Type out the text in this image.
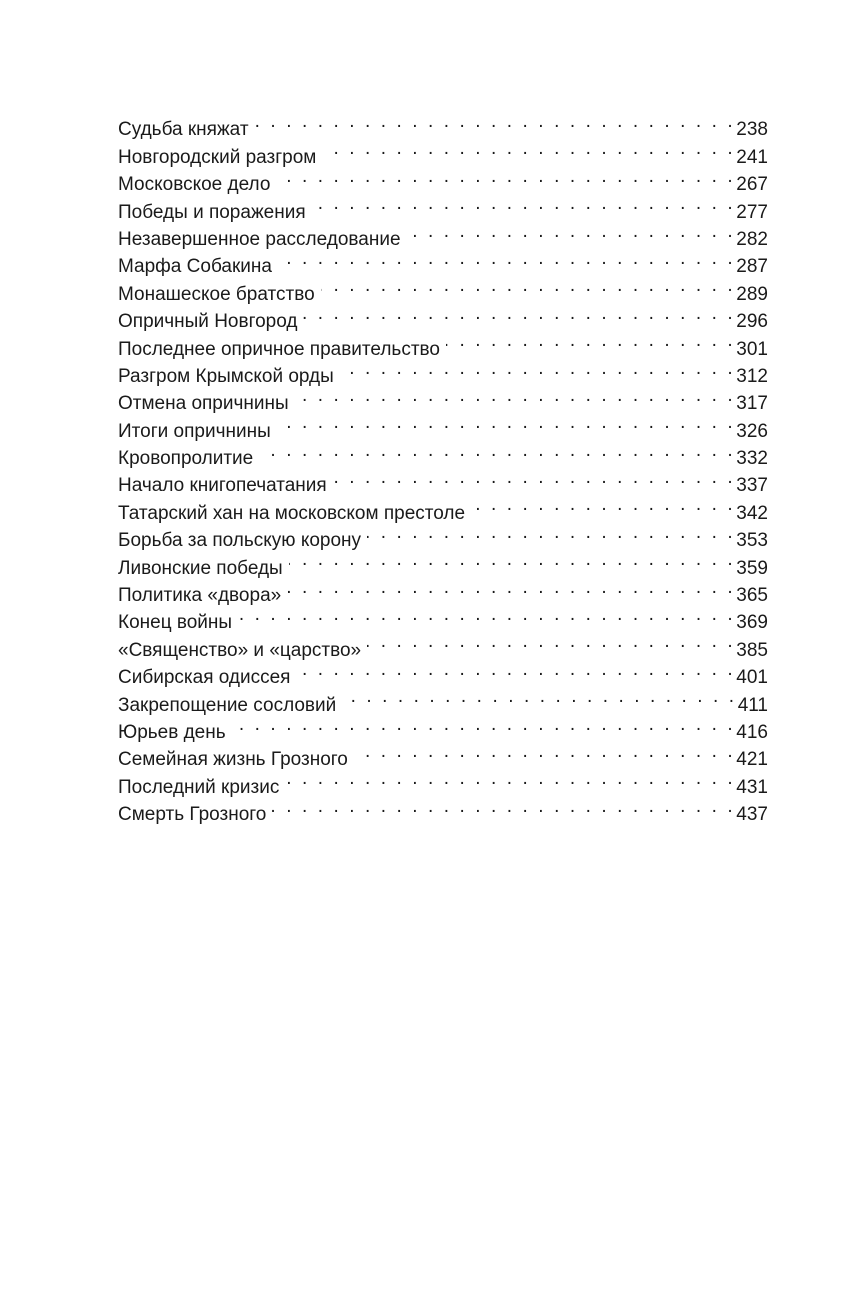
Судьба княжат . . .	238
Новгородский разгром . . .	241
Московское дело . . .	267
Победы и поражения . . .	277
Незавершенное расследование . . .	282
Марфа Собакина . . .	287
Монашеское братство . . .	289
Опричный Новгород . . .	296
Последнее опричное правительство . . .	301
Разгром Крымской орды . . .	312
Отмена опричнины . . .	317
Итоги опричнины . . .	326
Кровопролитие . . .	332
Начало книгопечатания . . .	337
Татарский хан на московском престоле . . .	342
Борьба за польскую корону . . .	353
Ливонские победы . . .	359
Политика «двора» . . .	365
Конец войны . . .	369
«Священство» и «царство» . . .	385
Сибирская одиссея . . .	401
Закрепощение сословий . . .	411
Юрьев день . . .	416
Семейная жизнь Грозного . . .	421
Последний кризис . . .	431
Смерть Грозного . . .	437
